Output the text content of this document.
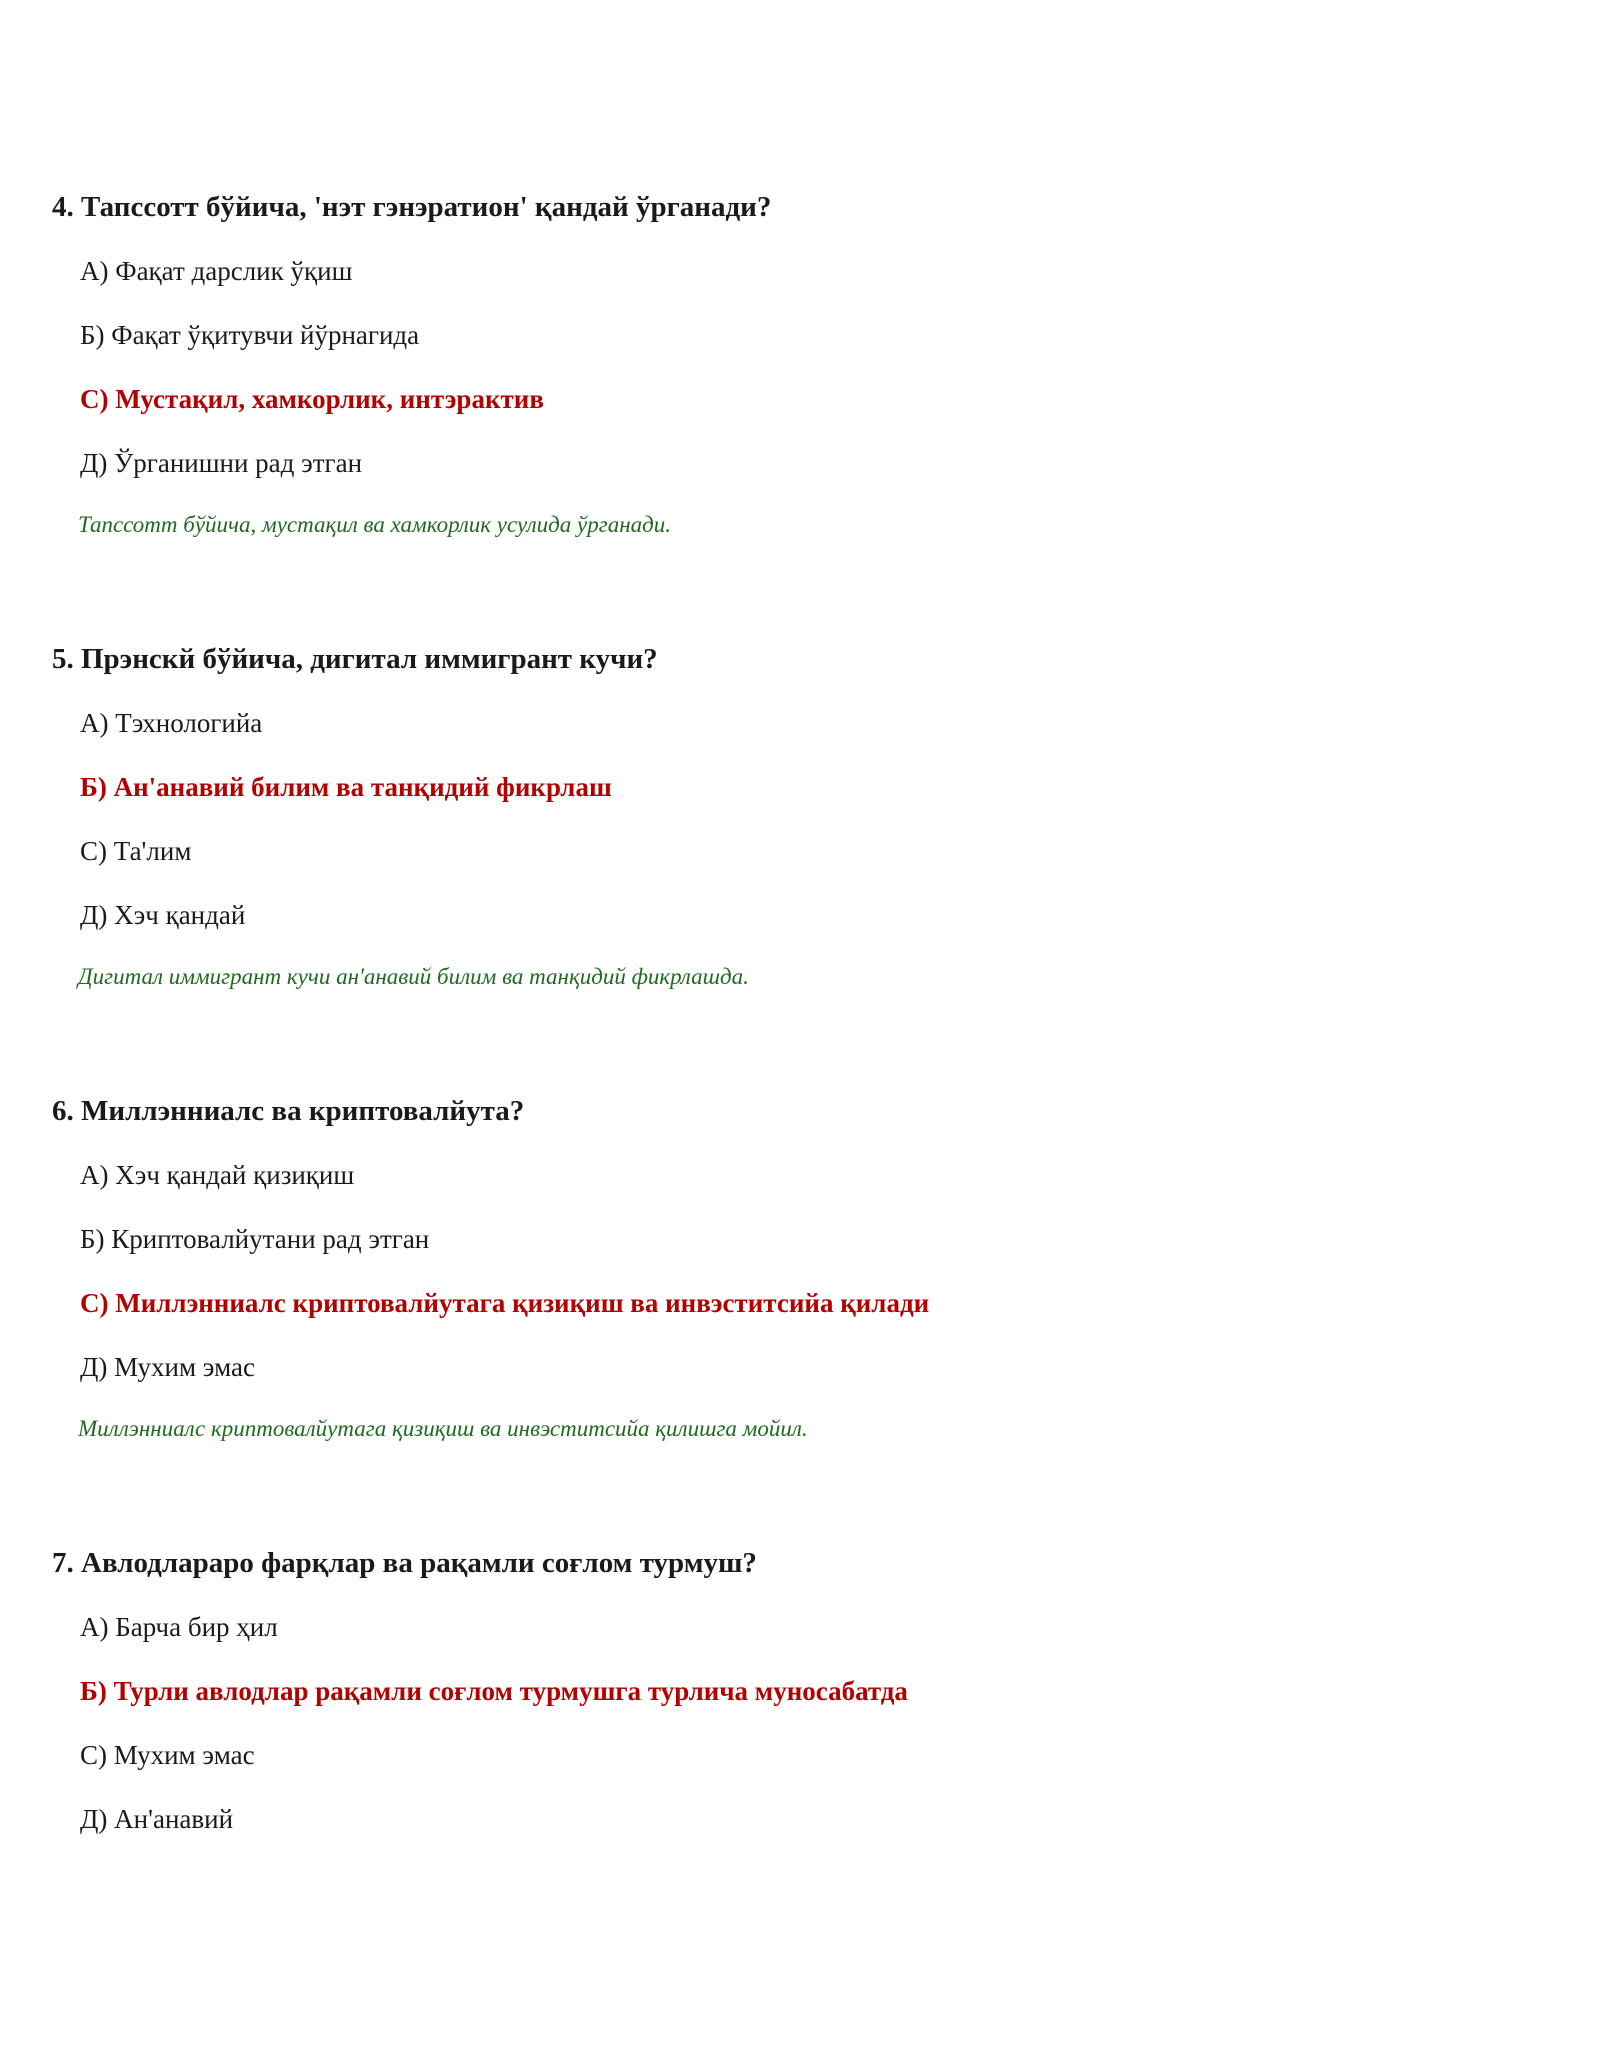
4. Тапссотт бўйича, 'нэт гэнэратион' қандай ўрганади?
А) Фақат дарслик ўқиш
Б) Фақат ўқитувчи йўрнагида
С) Мустақил, хамкорлик, интэрактив
Д) Ўрганишни рад этган
Тапссотт бўйича, мустақил ва хамкорлик усулида ўрганади.
5. Прэнскй бўйича, дигитал иммигрант кучи?
А) Тэхнологийа
Б) Ан'анавий билим ва танқидий фикрлаш
С) Та'лим
Д) Хэч қандай
Дигитал иммигрант кучи ан'анавий билим ва танқидий фикрлашда.
6. Миллэнниалс ва криптовалйута?
А) Хэч қандай қизиқиш
Б) Криптовалйутани рад этган
С) Миллэнниалс криптовалйутага қизиқиш ва инвэститсийа қилади
Д) Мухим эмас
Миллэнниалс криптовалйутага қизиқиш ва инвэститсийа қилишга мойил.
7. Авлодлараро фарқлар ва рақамли соғлом турмуш?
А) Барча бир ҳил
Б) Турли авлодлар рақамли соғлом турмушга турлича муносабатда
С) Мухим эмас
Д) Ан'анавий
